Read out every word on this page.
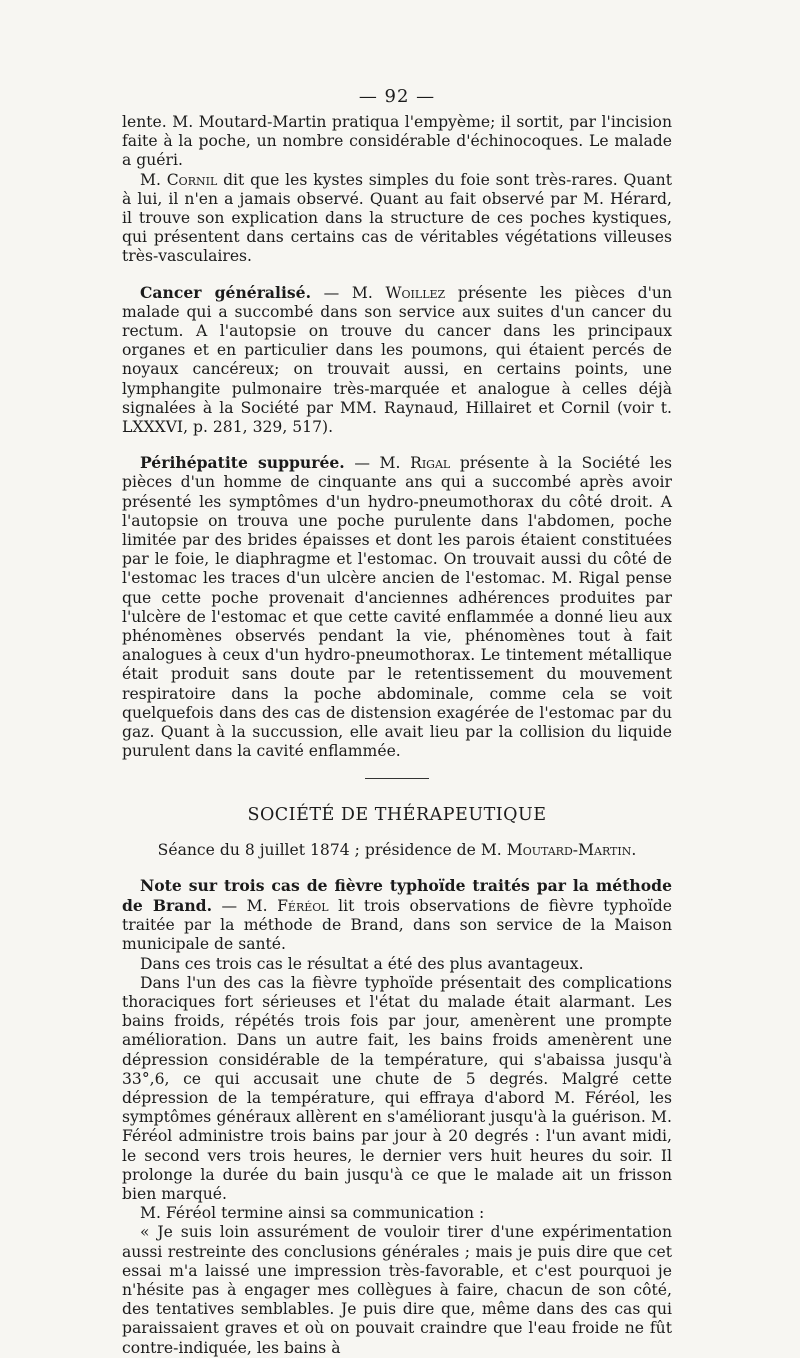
— 92 —

lente. M. Moutard-Martin pratiqua l'empyème; il sortit, par l'incision faite à la poche, un nombre considérable d'échinocoques. Le malade a guéri.

M. Cornil dit que les kystes simples du foie sont très-rares. Quant à lui, il n'en a jamais observé. Quant au fait observé par M. Hérard, il trouve son explication dans la structure de ces poches kystiques, qui présentent dans certains cas de véritables végétations villeuses très-vasculaires.

Cancer généralisé. — M. Woillez présente les pièces d'un malade qui a succombé dans son service aux suites d'un cancer du rectum. A l'autopsie on trouve du cancer dans les principaux organes et en particulier dans les poumons, qui étaient percés de noyaux cancéreux; on trouvait aussi, en certains points, une lymphangite pulmonaire très-marquée et analogue à celles déjà signalées à la Société par MM. Raynaud, Hillairet et Cornil (voir t. LXXXVI, p. 281, 329, 517).

Périhépatite suppurée. — M. Rigal présente à la Société les pièces d'un homme de cinquante ans qui a succombé après avoir présenté les symptômes d'un hydro-pneumothorax du côté droit. A l'autopsie on trouva une poche purulente dans l'abdomen, poche limitée par des brides épaisses et dont les parois étaient constituées par le foie, le diaphragme et l'estomac. On trouvait aussi du côté de l'estomac les traces d'un ulcère ancien de l'estomac. M. Rigal pense que cette poche provenait d'anciennes adhérences produites par l'ulcère de l'estomac et que cette cavité enflammée a donné lieu aux phénomènes observés pendant la vie, phénomènes tout à fait analogues à ceux d'un hydro-pneumothorax. Le tintement métallique était produit sans doute par le retentissement du mouvement respiratoire dans la poche abdominale, comme cela se voit quelquefois dans des cas de distension exagérée de l'estomac par du gaz. Quant à la succussion, elle avait lieu par la collision du liquide purulent dans la cavité enflammée.

SOCIÉTÉ DE THÉRAPEUTIQUE
Séance du 8 juillet 1874 ; présidence de M. Moutard-Martin.

Note sur trois cas de fièvre typhoïde traités par la méthode de Brand. — M. Féréol lit trois observations de fièvre typhoïde traitée par la méthode de Brand, dans son service de la Maison municipale de santé.

Dans ces trois cas le résultat a été des plus avantageux.

Dans l'un des cas la fièvre typhoïde présentait des complications thoraciques fort sérieuses et l'état du malade était alarmant. Les bains froids, répétés trois fois par jour, amenèrent une prompte amélioration. Dans un autre fait, les bains froids amenèrent une dépression considérable de la température, qui s'abaissa jusqu'à 33°,6, ce qui accusait une chute de 5 degrés. Malgré cette dépression de la température, qui effraya d'abord M. Féréol, les symptômes généraux allèrent en s'améliorant jusqu'à la guérison. M. Féréol administre trois bains par jour à 20 degrés : l'un avant midi, le second vers trois heures, le dernier vers huit heures du soir. Il prolonge la durée du bain jusqu'à ce que le malade ait un frisson bien marqué.

M. Féréol termine ainsi sa communication :

« Je suis loin assurément de vouloir tirer d'une expérimentation aussi restreinte des conclusions générales ; mais je puis dire que cet essai m'a laissé une impression très-favorable, et c'est pourquoi je n'hésite pas à engager mes collègues à faire, chacun de son côté, des tentatives semblables. Je puis dire que, même dans des cas qui paraissaient graves et où on pouvait craindre que l'eau froide ne fût contre-indiquée, les bains à
